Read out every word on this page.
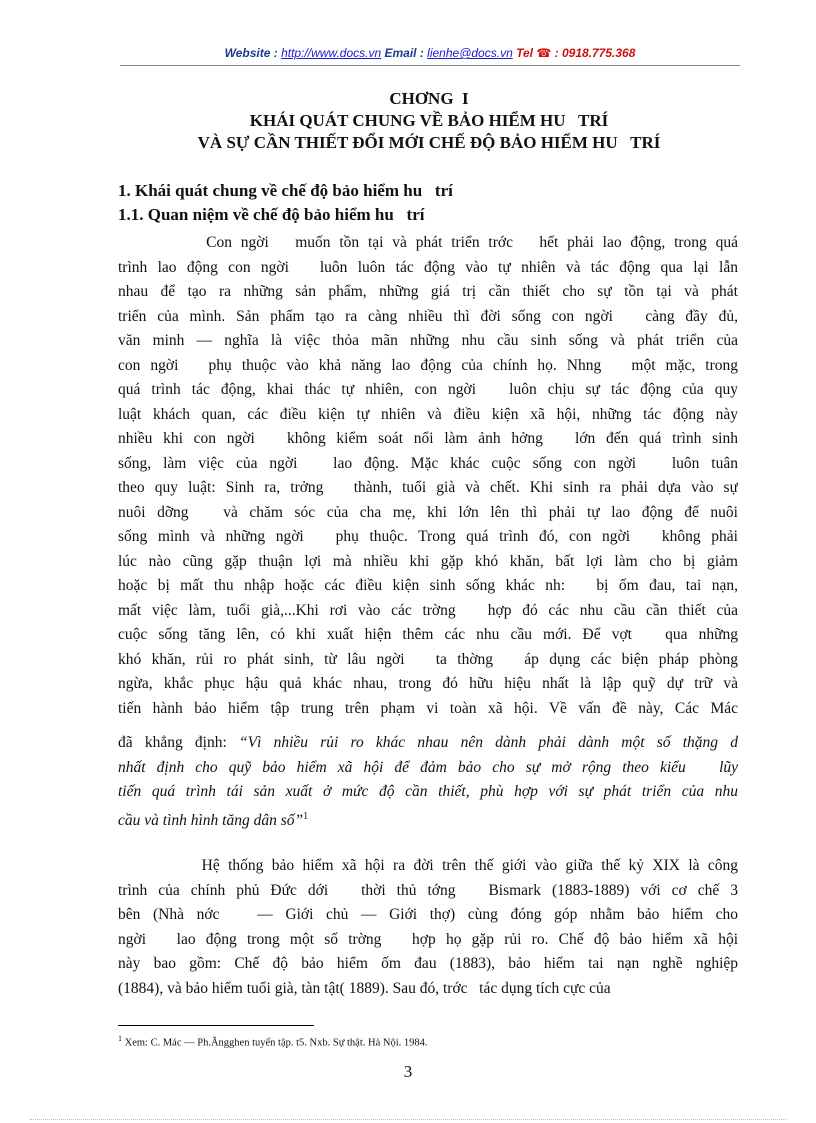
Website : http://www.docs.vn Email : lienhe@docs.vn Tel ☎ : 0918.775.368
CHƠNG  I
KHÁI QUÁT CHUNG VỀ BẢO HIỂM HU   TRÍ
VÀ SỰ CẦN THIẾT ĐỔI MỚI CHẾ ĐỘ BẢO HIỂM HU   TRÍ
1. Khái quát chung về chế độ bảo hiểm hu   trí
1.1. Quan niệm về chế độ bảo hiểm hu   trí
Con ngời   muốn tồn tại và phát triển trớc   hết phải lao động, trong quá
trình lao động con ngời   luôn luôn tác động vào tự nhiên và tác động qua lại lẫn
nhau để tạo ra những sản phẩm, những giá trị cần thiết cho sự tồn tại và phát
triển của mình. Sản phẩm tạo ra càng nhiều thì đời sống con ngời   càng đầy đủ,
văn minh — nghĩa là việc thỏa mãn những nhu cầu sinh sống và phát triển của
con ngời   phụ thuộc vào khả năng lao động của chính họ. Nhng   một mặc, trong
quá trình tác động, khai thác tự nhiên, con ngời   luôn chịu sự tác động của quy
luật khách quan, các điều kiện tự nhiên và điều kiện xã hội, những tác động này
nhiều khi con ngời   không kiểm soát nổi làm ảnh hởng   lớn đến quá trình sinh
sống, làm việc của ngời   lao động. Mặc khác cuộc sống con ngời   luôn tuân
theo quy luật: Sinh ra, trởng   thành, tuổi già và chết. Khi sinh ra phải dựa vào sự
nuôi dỡng   và chăm sóc của cha mẹ, khi lớn lên thì phải tự lao động để nuôi
sống mình và những ngời   phụ thuộc. Trong quá trình đó, con ngời   không phải
lúc nào cũng gặp thuận lợi mà nhiều khi gặp khó khăn, bất lợi làm cho bị giảm
hoặc bị mất thu nhập hoặc các điều kiện sinh sống khác nh:   bị ốm đau, tai nạn,
mất việc làm, tuổi già,...Khi rơi vào các trờng   hợp đó các nhu cầu cần thiết của
cuộc sống tăng lên, có khi xuất hiện thêm các nhu cầu mới. Để vợt   qua những
khó khăn, rủi ro phát sinh, từ lâu ngời   ta thờng   áp dụng các biện pháp phòng
ngừa, khắc phục hậu quả khác nhau, trong đó hữu hiệu nhất là lập quỹ dự trữ và
tiến hành bảo hiểm tập trung trên phạm vi toàn xã hội. Về vấn đề này, Các Mác
đã khẳng định: “Vì nhiều rủi ro khác nhau nên dành phải dành một số thặng d
nhất định cho quỹ bảo hiểm xã hội để đảm bảo cho sự mở rộng theo kiểu   lũy
tiến quá trình tái sản xuất ở mức độ cần thiết, phù hợp với sự phát triển của nhu
cầu và tình hình tăng dân số”$^1$
Hệ thống bảo hiểm xã hội ra đời trên thế giới vào giữa thế kỷ XIX là công
trình của chính phủ Đức dới   thời thủ tớng   Bismark (1883-1889) với cơ chế 3
bên (Nhà nớc   — Giới chủ — Giới thợ) cùng đóng góp nhằm bảo hiểm cho
ngời   lao động trong một số trờng   hợp họ gặp rủi ro. Chế độ bảo hiểm xã hội
này bao gồm: Chế độ bảo hiểm ốm đau (1883), bảo hiểm tai nạn nghề nghiệp
(1884), và bảo hiểm tuổi già, tàn tật( 1889). Sau đó, trớc   tác dụng tích cực của
$^1$ Xem: C. Mác — Ph.Ăngghen tuyển tập. t5. Nxb. Sự thật. Hà Nội. 1984.
3
